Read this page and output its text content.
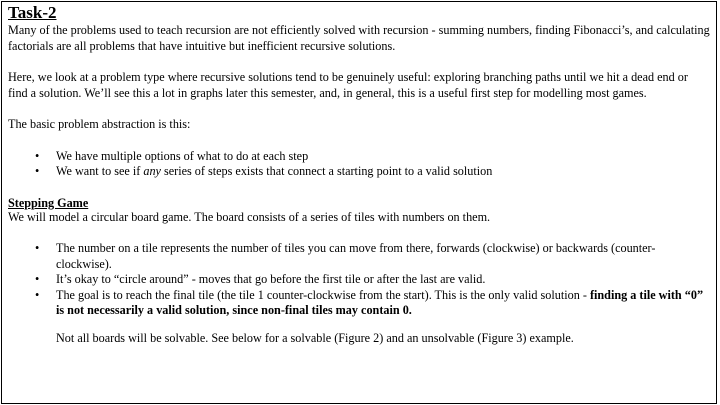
Task-2

Many of the problems used to teach recursion are not efficiently solved with recursion - summing numbers, finding Fibonacci’s, and calculating factorials are all problems that have intuitive but inefficient recursive solutions.

Here, we look at a problem type where recursive solutions tend to be genuinely useful: exploring branching paths until we hit a dead end or find a solution. We’ll see this a lot in graphs later this semester, and, in general, this is a useful first step for modelling most games.

The basic problem abstraction is this:

• We have multiple options of what to do at each step
• We want to see if any series of steps exists that connect a starting point to a valid solution

Stepping Game

We will model a circular board game. The board consists of a series of tiles with numbers on them.

• The number on a tile represents the number of tiles you can move from there, forwards (clockwise) or backwards (counter-clockwise).
• It’s okay to “circle around” - moves that go before the first tile or after the last are valid.
• The goal is to reach the final tile (the tile 1 counter-clockwise from the start). This is the only valid solution - finding a tile with “0” is not necessarily a valid solution, since non-final tiles may contain 0.

Not all boards will be solvable. See below for a solvable (Figure 2) and an unsolvable (Figure 3) example.
